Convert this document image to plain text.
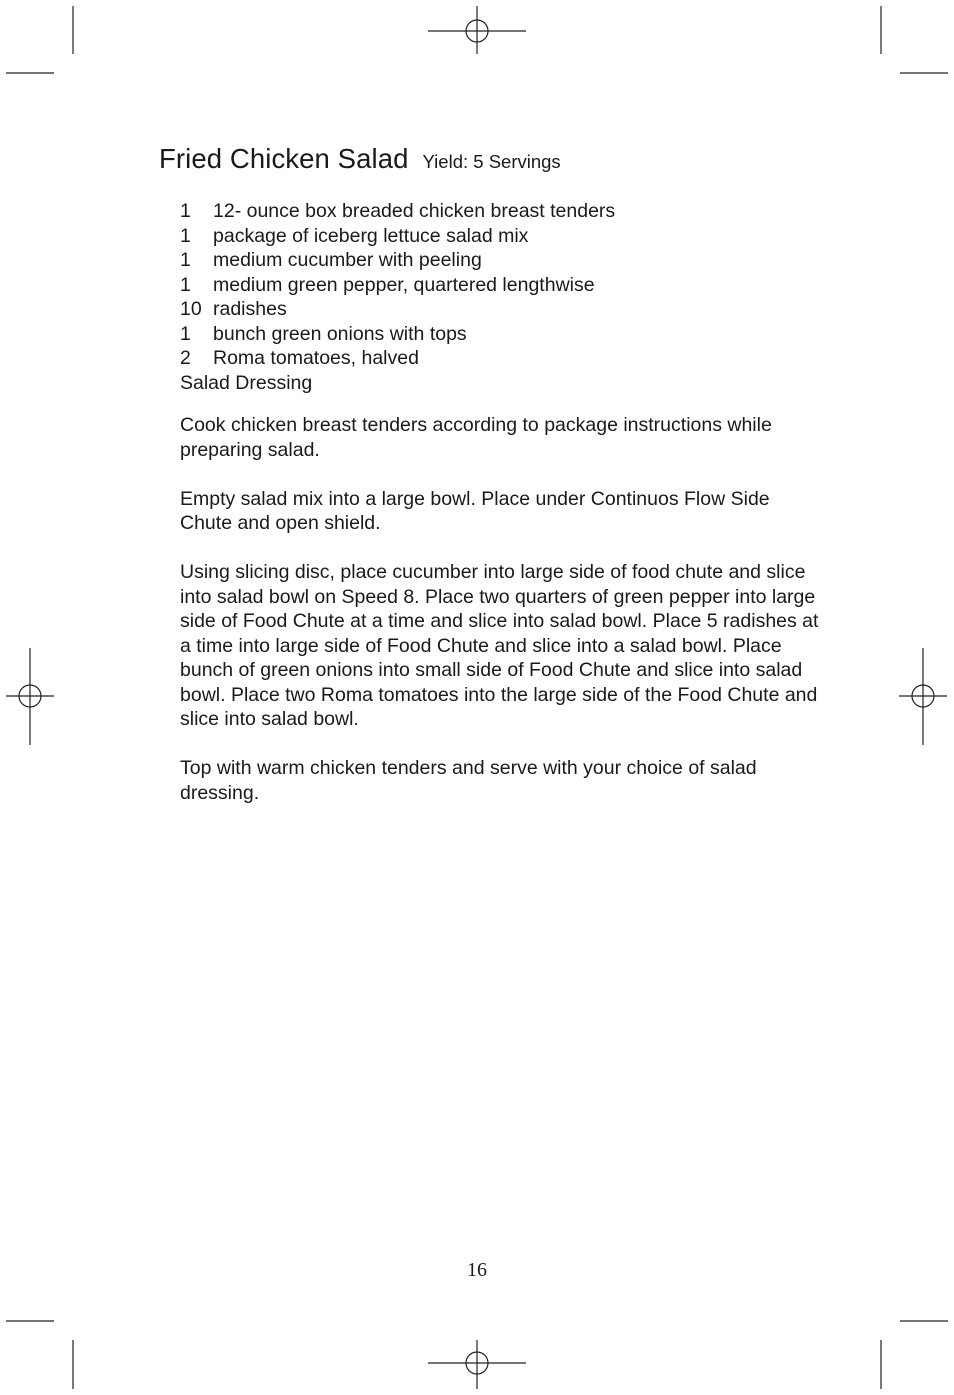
Fried Chicken Salad Yield: 5 Servings
1 12- ounce box breaded chicken breast tenders
1 package of iceberg lettuce salad mix
1 medium cucumber with peeling
1 medium green pepper, quartered lengthwise
10 radishes
1 bunch green onions with tops
2 Roma tomatoes, halved
Salad Dressing

Cook chicken breast tenders according to package instructions while preparing salad.

Empty salad mix into a large bowl. Place under Continuos Flow Side Chute and open shield.

Using slicing disc, place cucumber into large side of food chute and slice into salad bowl on Speed 8. Place two quarters of green pepper into large side of Food Chute at a time and slice into salad bowl. Place 5 radishes at a time into large side of Food Chute and slice into a salad bowl. Place bunch of green onions into small side of Food Chute and slice into salad bowl. Place two Roma tomatoes into the large side of the Food Chute and slice into salad bowl.

Top with warm chicken tenders and serve with your choice of salad dressing.

16
